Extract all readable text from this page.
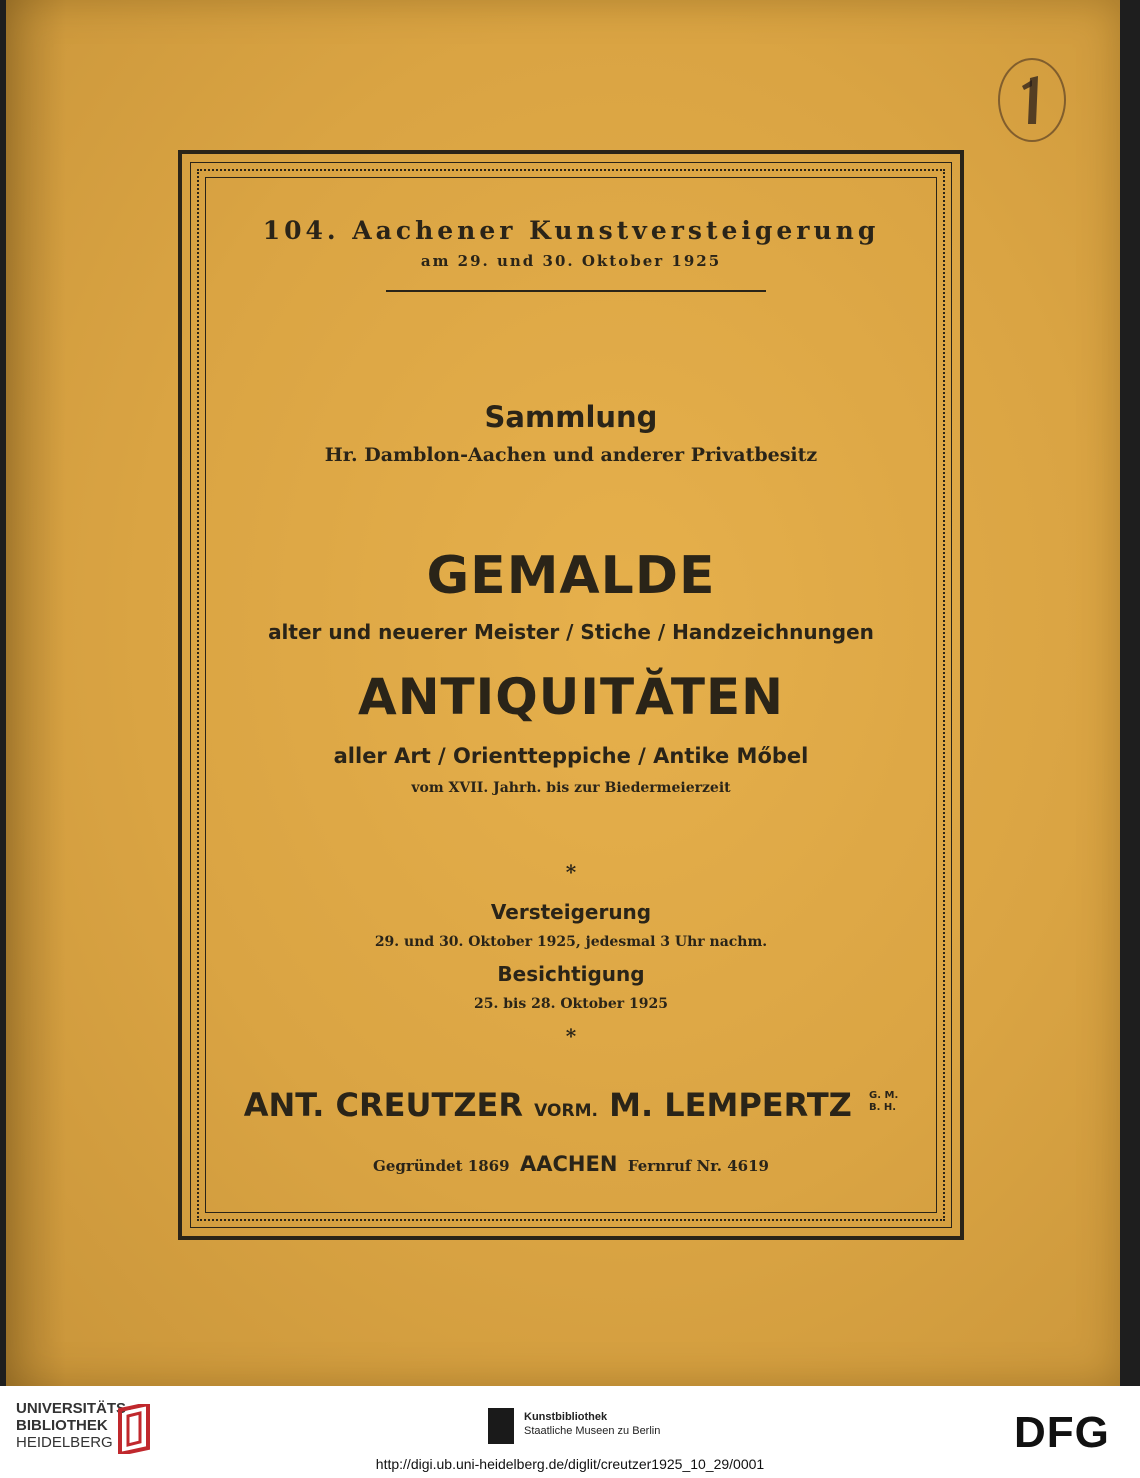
104. Aachener Kunstversteigerung
am 29. und 30. Oktober 1925
Sammlung
Hr. Damblon-Aachen und anderer Privatbesitz
GEMALDE
alter und neuerer Meister / Stiche / Handzeichnungen
ANTIQUITĂTEN
aller Art / Orientteppiche / Antike Mőbel
vom XVII. Jahrh. bis zur Biedermeierzeit
*
Versteigerung
29. und 30. Oktober 1925, jedesmal 3 Uhr nachm.
Besichtigung
25. bis 28. Oktober 1925
*
ANT. CREUTZER VORM. M. LEMPERTZ G. M.
B. H.
Gegründet 1869 AACHEN Fernruf Nr. 4619
UNIVERSITÄTS-
BIBLIOTHEK
HEIDELBERG
Kunstbibliothek
Staatliche Museen zu Berlin	DFG
http://digi.ub.uni-heidelberg.de/diglit/creutzer1925_10_29/0001
